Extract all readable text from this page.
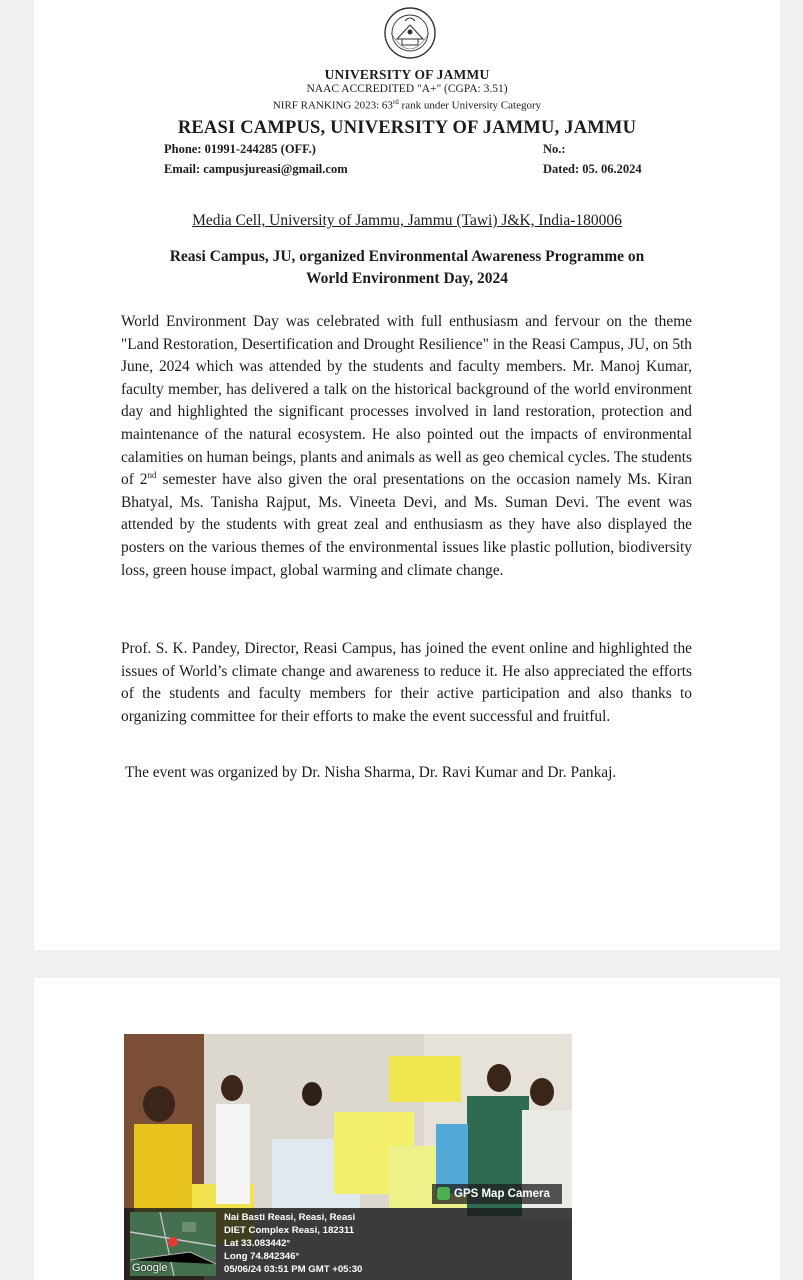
UNIVERSITY OF JAMMU
NAAC ACCREDITED "A+" (CGPA: 3.51)
NIRF RANKING 2023: 63rd rank under University Category
REASI CAMPUS, UNIVERSITY OF JAMMU, JAMMU
Phone: 01991-244285 (OFF.)
Email: campusjureasi@gmail.com
No.:
Dated: 05. 06.2024
Media Cell, University of Jammu, Jammu (Tawi) J&K, India-180006
Reasi Campus, JU, organized Environmental Awareness Programme on
World Environment Day, 2024
World Environment Day was celebrated with full enthusiasm and fervour on the theme "Land Restoration, Desertification and Drought Resilience" in the Reasi Campus, JU, on 5th June, 2024 which was attended by the students and faculty members. Mr. Manoj Kumar, faculty member, has delivered a talk on the historical background of the world environment day and highlighted the significant processes involved in land restoration, protection and maintenance of the natural ecosystem. He also pointed out the impacts of environmental calamities on human beings, plants and animals as well as geo chemical cycles. The students of 2nd semester have also given the oral presentations on the occasion namely Ms. Kiran Bhatyal, Ms. Tanisha Rajput, Ms. Vineeta Devi, and Ms. Suman Devi. The event was attended by the students with great zeal and enthusiasm as they have also displayed the posters on the various themes of the environmental issues like plastic pollution, biodiversity loss, green house impact, global warming and climate change.
Prof. S. K. Pandey, Director, Reasi Campus, has joined the event online and highlighted the issues of World’s climate change and awareness to reduce it. He also appreciated the efforts of the students and faculty members for their active participation and also thanks to organizing committee for their efforts to make the event successful and fruitful.
The event was organized by Dr. Nisha Sharma, Dr. Ravi Kumar and Dr. Pankaj.
GPS Map Camera
Google
Nai Basti Reasi, Reasi, Reasi
DIET Complex Reasi, 182311
Lat 33.083442°
Long 74.842346°
05/06/24 03:51 PM GMT +05:30
